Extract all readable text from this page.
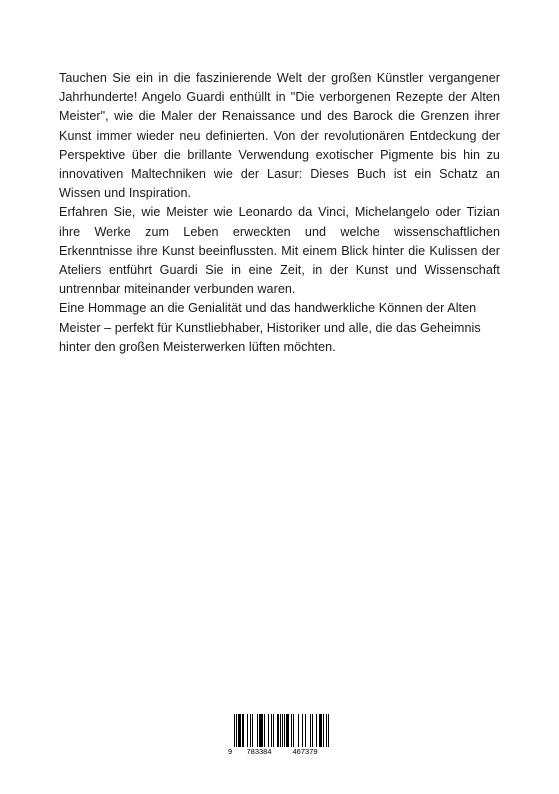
Tauchen Sie ein in die faszinierende Welt der großen Künstler vergangener Jahrhunderte! Angelo Guardi enthüllt in "Die verborgenen Rezepte der Alten Meister", wie die Maler der Renaissance und des Barock die Grenzen ihrer Kunst immer wieder neu definierten. Von der revolutionären Entdeckung der Perspektive über die brillante Verwendung exotischer Pigmente bis hin zu innovativen Maltechniken wie der Lasur: Dieses Buch ist ein Schatz an Wissen und Inspiration.

Erfahren Sie, wie Meister wie Leonardo da Vinci, Michelangelo oder Tizian ihre Werke zum Leben erweckten und welche wissenschaftlichen Erkenntnisse ihre Kunst beeinflussten. Mit einem Blick hinter die Kulissen der Ateliers entführt Guardi Sie in eine Zeit, in der Kunst und Wissenschaft untrennbar miteinander verbunden waren.

Eine Hommage an die Genialität und das handwerkliche Können der Alten Meister – perfekt für Kunstliebhaber, Historiker und alle, die das Geheimnis hinter den großen Meisterwerken lüften möchten.

9	783384	467379
